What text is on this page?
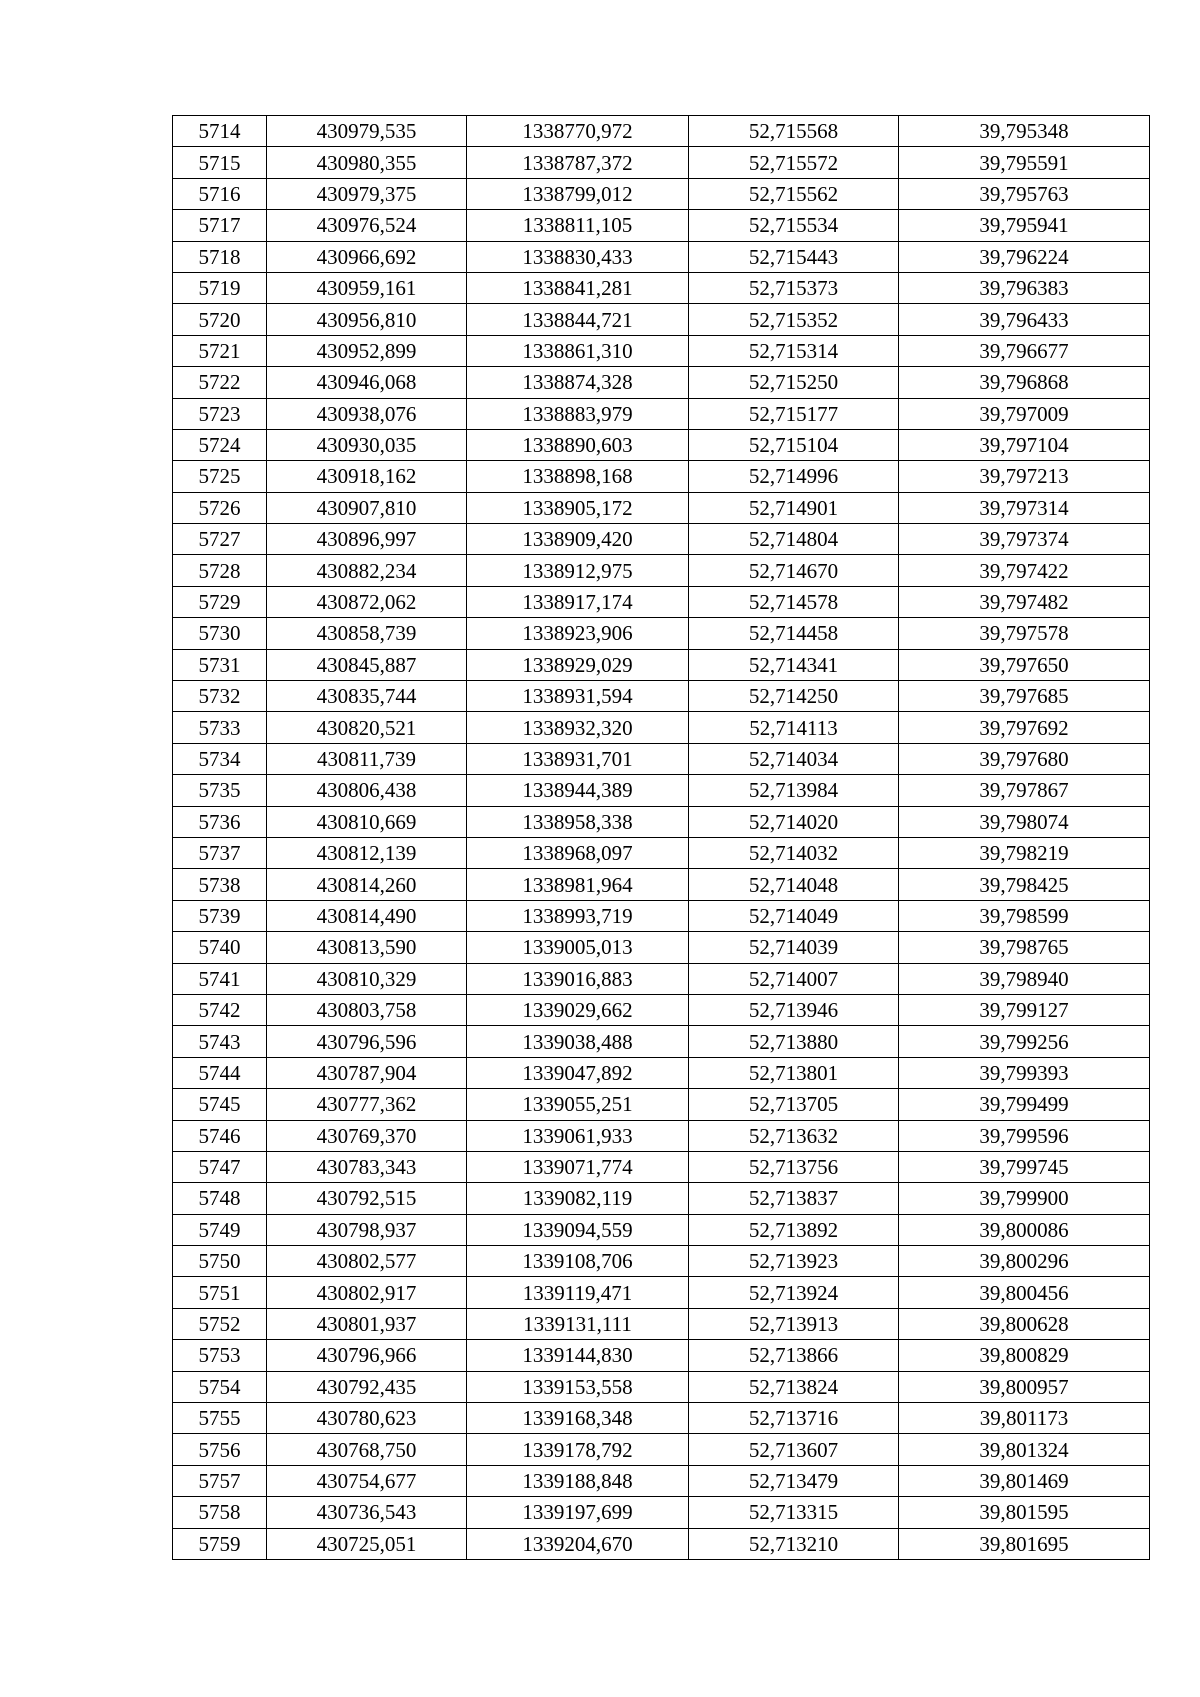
5714	430979,535	1338770,972	52,715568	39,795348
5715	430980,355	1338787,372	52,715572	39,795591
5716	430979,375	1338799,012	52,715562	39,795763
5717	430976,524	1338811,105	52,715534	39,795941
5718	430966,692	1338830,433	52,715443	39,796224
5719	430959,161	1338841,281	52,715373	39,796383
5720	430956,810	1338844,721	52,715352	39,796433
5721	430952,899	1338861,310	52,715314	39,796677
5722	430946,068	1338874,328	52,715250	39,796868
5723	430938,076	1338883,979	52,715177	39,797009
5724	430930,035	1338890,603	52,715104	39,797104
5725	430918,162	1338898,168	52,714996	39,797213
5726	430907,810	1338905,172	52,714901	39,797314
5727	430896,997	1338909,420	52,714804	39,797374
5728	430882,234	1338912,975	52,714670	39,797422
5729	430872,062	1338917,174	52,714578	39,797482
5730	430858,739	1338923,906	52,714458	39,797578
5731	430845,887	1338929,029	52,714341	39,797650
5732	430835,744	1338931,594	52,714250	39,797685
5733	430820,521	1338932,320	52,714113	39,797692
5734	430811,739	1338931,701	52,714034	39,797680
5735	430806,438	1338944,389	52,713984	39,797867
5736	430810,669	1338958,338	52,714020	39,798074
5737	430812,139	1338968,097	52,714032	39,798219
5738	430814,260	1338981,964	52,714048	39,798425
5739	430814,490	1338993,719	52,714049	39,798599
5740	430813,590	1339005,013	52,714039	39,798765
5741	430810,329	1339016,883	52,714007	39,798940
5742	430803,758	1339029,662	52,713946	39,799127
5743	430796,596	1339038,488	52,713880	39,799256
5744	430787,904	1339047,892	52,713801	39,799393
5745	430777,362	1339055,251	52,713705	39,799499
5746	430769,370	1339061,933	52,713632	39,799596
5747	430783,343	1339071,774	52,713756	39,799745
5748	430792,515	1339082,119	52,713837	39,799900
5749	430798,937	1339094,559	52,713892	39,800086
5750	430802,577	1339108,706	52,713923	39,800296
5751	430802,917	1339119,471	52,713924	39,800456
5752	430801,937	1339131,111	52,713913	39,800628
5753	430796,966	1339144,830	52,713866	39,800829
5754	430792,435	1339153,558	52,713824	39,800957
5755	430780,623	1339168,348	52,713716	39,801173
5756	430768,750	1339178,792	52,713607	39,801324
5757	430754,677	1339188,848	52,713479	39,801469
5758	430736,543	1339197,699	52,713315	39,801595
5759	430725,051	1339204,670	52,713210	39,801695
